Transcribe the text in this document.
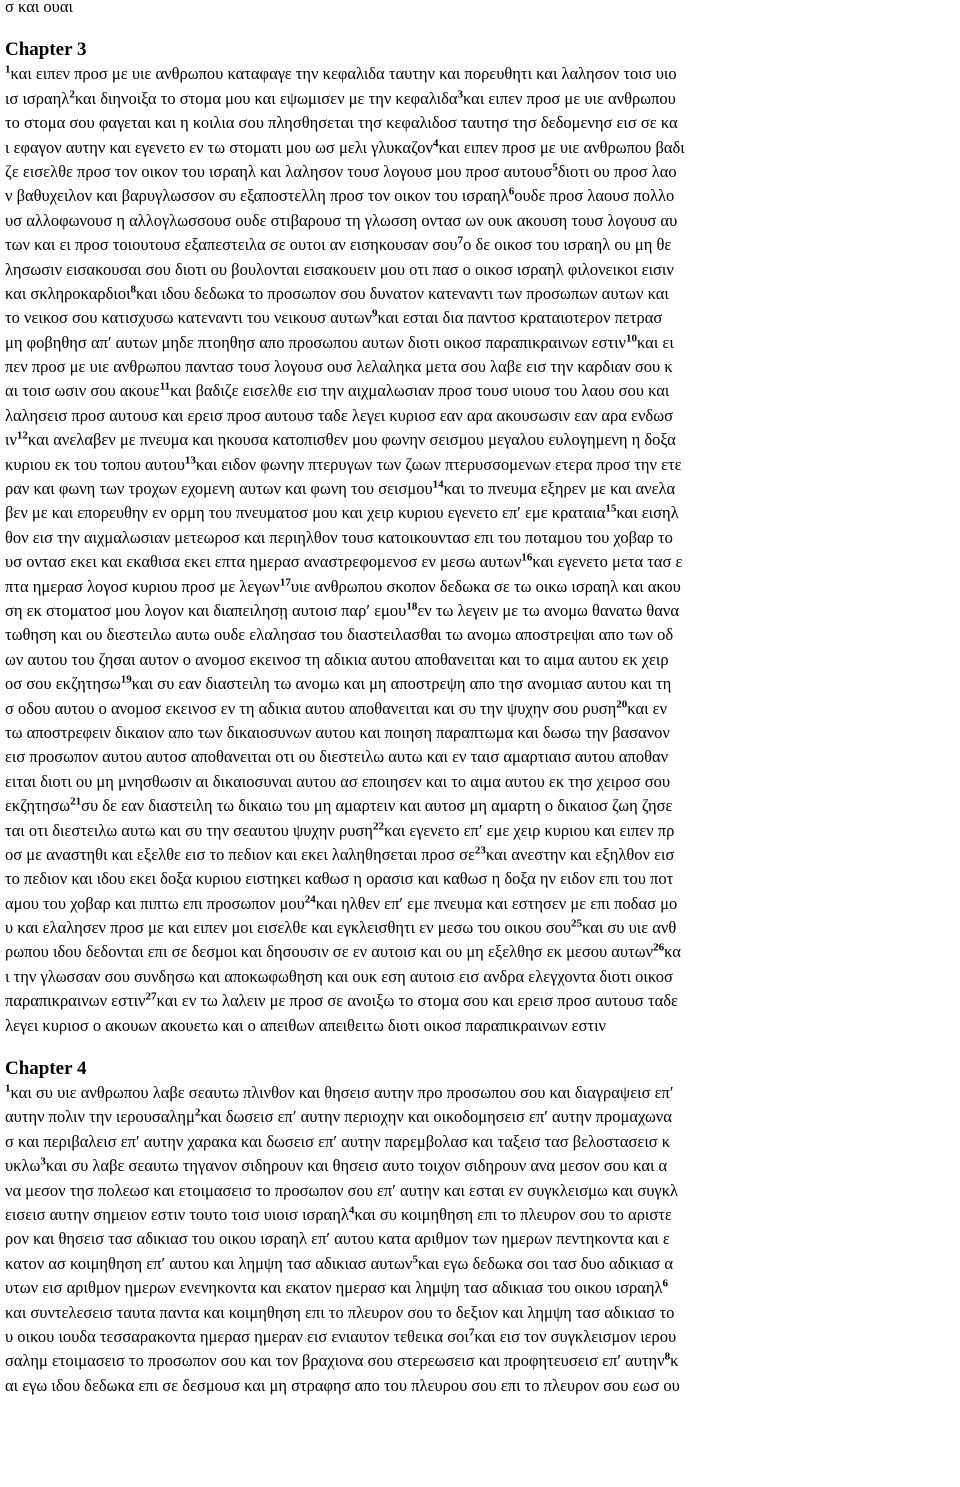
σ και ουαι
Chapter 3
$^1$και ειπεν προσ με υιε ανθρωπου καταφαγε την κεφαλιδα ταυτην και πορευθητι και λαλησον τοισ υιο
ισ ισραηλ$^2$και διηνοιξα το στομα μου και εψωμισεν με την κεφαλιδα$^3$και ειπεν προσ με υιε ανθρωπου
το στομα σου φαγεται και η κοιλια σου πλησθησεται τησ κεφαλιδοσ ταυτησ τησ δεδομενησ εισ σε κα
ι εφαγον αυτην και εγενετο εν τω στοματι μου ωσ μελι γλυκαζον$^4$και ειπεν προσ με υιε ανθρωπου βαδι
ζε εισελθε προσ τον οικον του ισραηλ και λαλησον τουσ λογουσ μου προσ αυτουσ$^5$διοτι ου προσ λαο
ν βαθυχειλον και βαρυγλωσσον συ εξαποστελλη προσ τον οικον του ισραηλ$^6$ουδε προσ λαουσ πολλο
υσ αλλοφωνουσ η αλλογλωσσουσ ουδε στιβαρουσ τη γλωσση οντασ ων ουκ ακουση τουσ λογουσ αυ
των και ει προσ τοιουτουσ εξαπεστειλα σε ουτοι αν εισηκουσαν σου$^7$ο δε οικοσ του ισραηλ ου μη θε
λησωσιν εισακουσαι σου διοτι ου βουλονται εισακουειν μου οτι πασ ο οικοσ ισραηλ φιλονεικοι εισιν
και σκληροκαρδιοι$^8$και ιδου δεδωκα το προσωπον σου δυνατον κατεναντι των προσωπων αυτων και
το νεικοσ σου κατισχυσω κατεναντι του νεικουσ αυτων$^9$και εσται δια παντοσ κραταιοτερον πετρασ
μη φοβηθησ απ′ αυτων μηδε πτοηθησ απο προσωπου αυτων διοτι οικοσ παραπικραινων εστιν$^{10}$και ει
πεν προσ με υιε ανθρωπου παντασ τουσ λογουσ ουσ λελαληκα μετα σου λαβε εισ την καρδιαν σου κ
αι τοισ ωσιν σου ακουε$^{11}$και βαδιζε εισελθε εισ την αιχμαλωσιαν προσ τουσ υιουσ του λαου σου και
λαλησεισ προσ αυτουσ και ερεισ προσ αυτουσ ταδε λεγει κυριοσ εαν αρα ακουσωσιν εαν αρα ενδωσ
$\iota\nu^{12}\kappa\alpha\iota$ ανελαβεν με πνευμα και ηκουσα κατοπισθεν μου φωνην σεισμου μεγαλου ευλογημενη η δοξα
κυριου εκ του τοπου αυτου$^{13}$και ειδον φωνην πτερυγων των ζωων πτερυσσομενων ετερα προσ την ετε
ραν και φωνη των τροχων εχομενη αυτων και φωνη του σεισμου$^{14}$και το πνευμα εξηρεν με και ανελα
βεν με και επορευθην εν ορμη του πνευματοσ μου και χειρ κυριου εγενετο επ′ εμε κραταια$^{15}$και εισηλ
θον εισ την αιχμαλωσιαν μετεωροσ και περιηλθον τουσ κατοικουντασ επι του ποταμου του χοβαρ το
υσ οντασ εκει και εκαθισα εκει επτα ημερασ αναστρεφομενοσ εν μεσω αυτων$^{16}$και εγενετο μετα τασ ε
πτα ημερασ λογοσ κυριου προσ με λεγων$^{17}$υιε ανθρωπου σκοπον δεδωκα σε τω οικω ισραηλ και ακου
ση εκ στοματοσ μου λογον και διαπειλησῃ αυτοισ παρ′ εμου$^{18}$εν τω λεγειν με τω ανομω θανατω θανα
τωθηση και ου διεστειλω αυτω ουδε ελαλησασ του διαστειλασθαι τω ανομω αποστρεψαι απο των οδ
ων αυτου του ζησαι αυτον ο ανομοσ εκεινοσ τη αδικια αυτου αποθανειται και το αιμα αυτου εκ χειρ
οσ σου εκζητησω$^{19}$και συ εαν διαστειλη τω ανομω και μη αποστρεψη απο τησ ανομιασ αυτου και τη
σ οδου αυτου ο ανομοσ εκεινοσ εν τη αδικια αυτου αποθανειται και συ την ψυχην σου ρυση$^{20}$και εν
τω αποστρεφειν δικαιον απο των δικαιοσυνων αυτου και ποιηση παραπτωμα και δωσω την βασανον
εισ προσωπον αυτου αυτοσ αποθανειται οτι ου διεστειλω αυτω και εν ταισ αμαρτιαισ αυτου αποθαν
ειται διοτι ου μη μνησθωσιν αι δικαιοσυναι αυτου ασ εποιησεν και το αιμα αυτου εκ τησ χειροσ σου
εκζητησω$^{21}$συ δε εαν διαστειλη τω δικαιω του μη αμαρτειν και αυτοσ μη αμαρτη ο δικαιοσ ζωη ζησε
ται οτι διεστειλω αυτω και συ την σεαυτου ψυχην ρυση$^{22}$και εγενετο επ′ εμε χειρ κυριου και ειπεν πρ
οσ με αναστηθι και εξελθε εισ το πεδιον και εκει λαληθησεται προσ $\sigma\varepsilon^{23}\kappa\alpha\iota$ ανεστην και εξηλθον εισ
το πεδιον και ιδου εκει δοξα κυριου ειστηκει καθωσ η ορασισ και καθωσ η δοξα ην ειδον επι του ποτ
αμου του χοβαρ και πιπτω επι προσωπον μου$^{24}$και ηλθεν επ′ εμε πνευμα και εστησεν με επι ποδασ μο
υ και ελαλησεν προσ με και ειπεν μοι εισελθε και εγκλεισθητι εν μεσω του οικου σου$^{25}$και συ υιε ανθ
ρωπου ιδου δεδονται επι σε δεσμοι και δησουσιν σε εν αυτοισ και ου μη εξελθησ εκ μεσου αυτων$^{26}$κα
ι την γλωσσαν σου συνδησω και αποκωφωθηση και ουκ εση αυτοισ εισ ανδρα ελεγχοντα διοτι οικοσ
παραπικραινων εστιν$^{27}$και εν τω λαλειν με προσ σε ανοιξω το στομα σου και ερεισ προσ αυτουσ ταδε
λεγει κυριοσ ο ακουων ακουετω και ο απειθων απειθειτω διοτι οικοσ παραπικραινων εστιν
Chapter 4
$^1$και συ υιε ανθρωπου λαβε σεαυτω πλινθον και θησεισ αυτην προ προσωπου σου και διαγραψεισ επ′
αυτην πολιν την ιερουσαλημ$^2$και δωσεισ επ′ αυτην περιοχην και οικοδομησεισ επ′ αυτην προμαχωνα
σ και περιβαλεισ επ′ αυτην χαρακα και δωσεισ επ′ αυτην παρεμβολασ και ταξεισ τασ βελοστασεισ κ
υκλω$^3$και συ λαβε σεαυτω τηγανον σιδηρουν και θησεισ αυτο τοιχον σιδηρουν ανα μεσον σου και α
να μεσον τησ πολεωσ και ετοιμασεισ το προσωπον σου επ′ αυτην και εσται εν συγκλεισμω και συγκλ
εισεισ αυτην σημειον εστιν τουτο τοισ υιοισ ισραηλ$^4$και συ κοιμηθηση επι το πλευρον σου το αριστε
ρον και θησεισ τασ αδικιασ του οικου ισραηλ επ′ αυτου κατα αριθμον των ημερων πεντηκοντα και ε
κατον ασ κοιμηθηση επ′ αυτου και λημψη τασ αδικιασ αυτων$^5$και εγω δεδωκα σοι τασ δυο αδικιασ α
υτων εισ αριθμον ημερων ενενηκοντα και εκατον ημερασ και λημψη τασ αδικιασ του οικου ισραηλ$^6$
και συντελεσεισ ταυτα παντα και κοιμηθηση επι το πλευρον σου το δεξιον και λημψη τασ αδικιασ το
υ οικου ιουδα τεσσαρακοντα ημερασ ημεραν εισ ενιαυτον τεθεικα σοι$^7$και εισ τον συγκλεισμον ιερου
σαλημ ετοιμασεισ το προσωπον σου και τον βραχιονα σου στερεωσεισ και προφητευσεισ επ′ αυτην$^8$κ
αι εγω ιδου δεδωκα επι σε δεσμουσ και μη στραφησ απο του πλευρου σου επι το πλευρον σου εωσ ου
